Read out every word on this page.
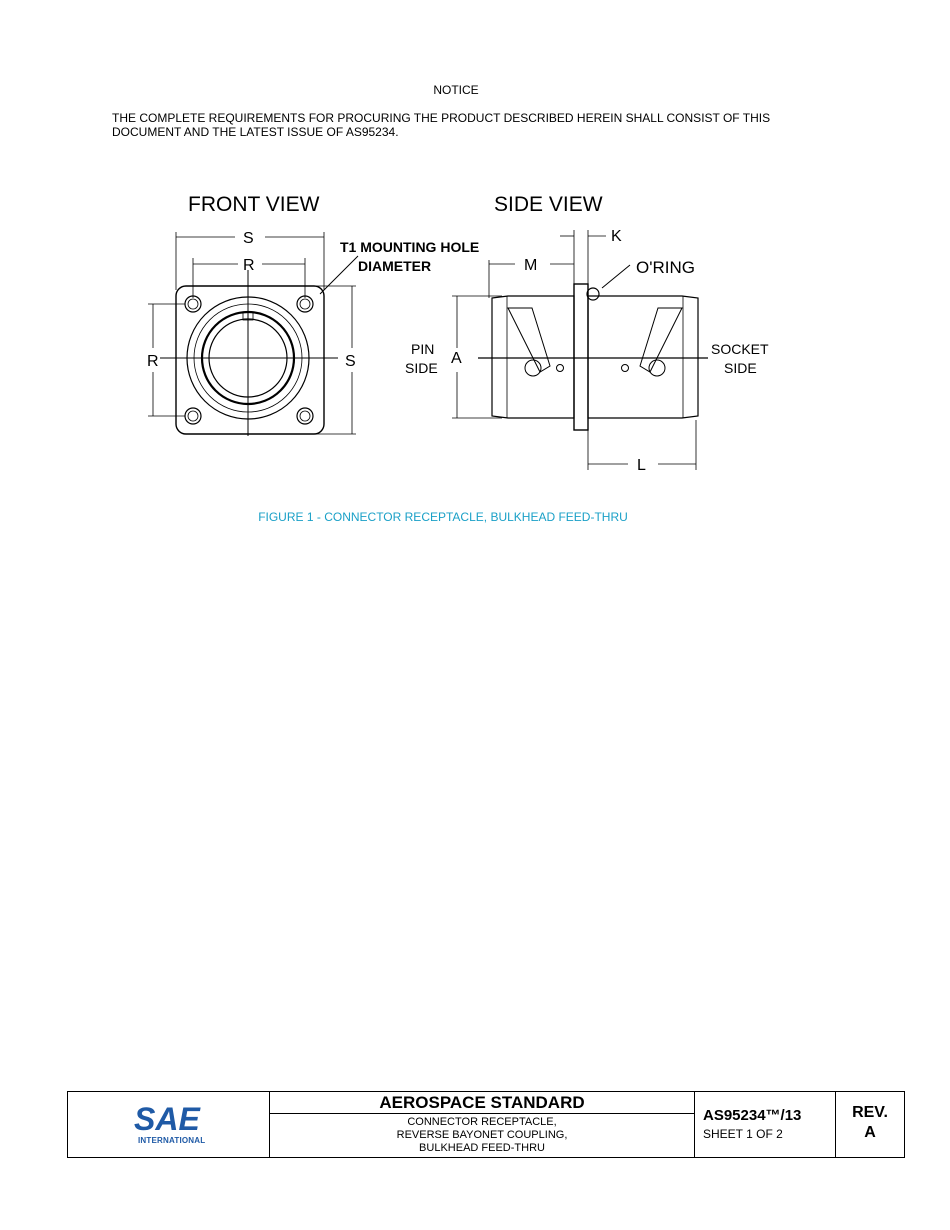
NOTICE
THE COMPLETE REQUIREMENTS FOR PROCURING THE PRODUCT DESCRIBED HEREIN SHALL CONSIST OF THIS DOCUMENT AND THE LATEST ISSUE OF AS95234.
FRONT VIEW
S
R
R	S
T1 MOUNTING HOLE
DIAMETER
SIDE VIEW
K
M
L
O'RING
PIN
SIDE
A
SOCKET
SIDE
FIGURE 1 - CONNECTOR RECEPTACLE, BULKHEAD FEED-THRU
SAE
INTERNATIONAL
AEROSPACE STANDARD
CONNECTOR RECEPTACLE,
REVERSE BAYONET COUPLING,
BULKHEAD FEED-THRU
AS95234™/13
SHEET 1 OF 2
REV.
A
